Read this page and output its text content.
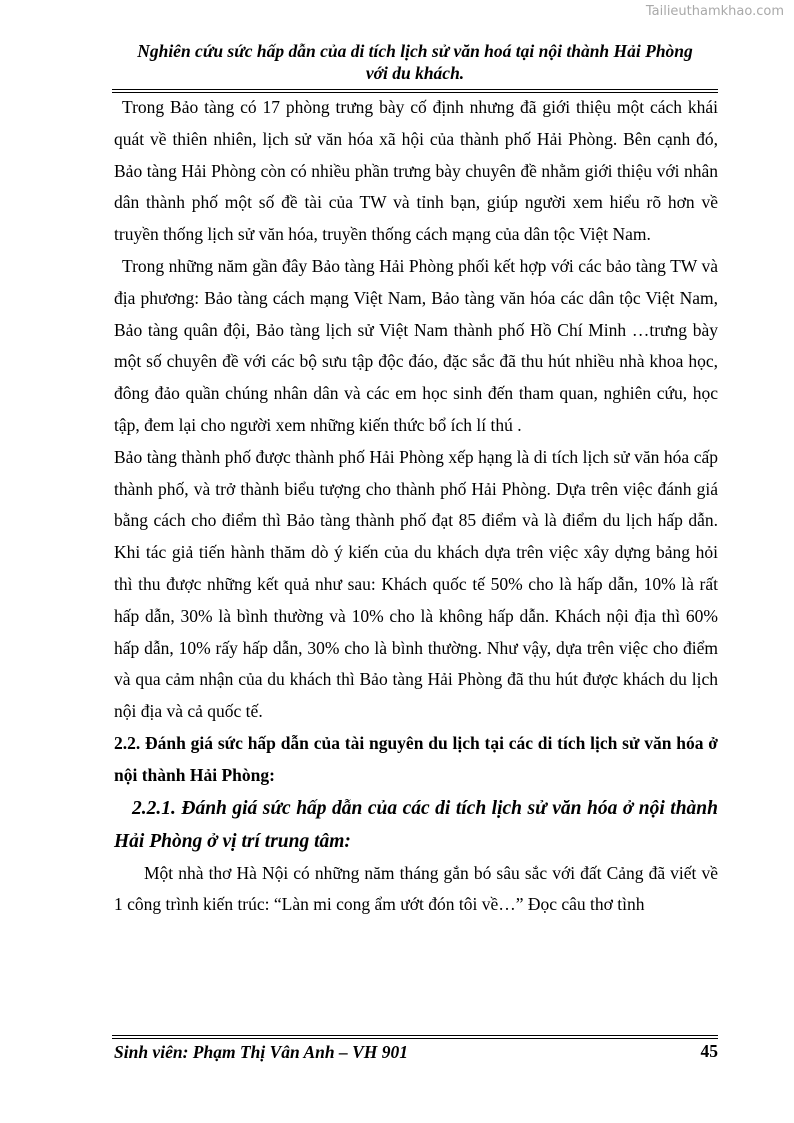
Tailieuthamkhao.com
Nghiên cứu sức hấp dẫn của di tích lịch sử văn hoá tại nội thành Hải Phòng
với du khách.

Trong Bảo tàng có 17 phòng trưng bày cố định nhưng đã giới thiệu một cách khái quát về thiên nhiên, lịch sử văn hóa xã hội của thành phố Hải Phòng. Bên cạnh đó, Bảo tàng Hải Phòng còn có nhiều phần trưng bày chuyên đề nhằm giới thiệu với nhân dân thành phố một số đề tài của TW và tỉnh bạn, giúp người xem hiểu rõ hơn về truyền thống lịch sử văn hóa, truyền thống cách mạng của dân tộc Việt Nam.

Trong những năm gần đây Bảo tàng Hải Phòng phối kết hợp với các bảo tàng TW và địa phương: Bảo tàng cách mạng Việt Nam, Bảo tàng văn hóa các dân tộc Việt Nam, Bảo tàng quân đội, Bảo tàng lịch sử Việt Nam thành phố Hồ Chí Minh …trưng bày một số chuyên đề với các bộ sưu tập độc đáo, đặc sắc đã thu hút nhiều nhà khoa học, đông đảo quần chúng nhân dân và các em học sinh đến tham quan, nghiên cứu, học tập, đem lại cho người xem những kiến thức bổ ích lí thú .

Bảo tàng thành phố được thành phố Hải Phòng xếp hạng là di tích lịch sử văn hóa cấp thành phố, và trở thành biểu tượng cho thành phố Hải Phòng. Dựa trên việc đánh giá bằng cách cho điểm thì Bảo tàng thành phố đạt 85 điểm và là điểm du lịch hấp dẫn. Khi tác giả tiến hành thăm dò ý kiến của du khách dựa trên việc xây dựng bảng hỏi thì thu được những kết quả như sau: Khách quốc tế 50% cho là hấp dẫn, 10% là rất hấp dẫn, 30% là bình thường và 10% cho là không hấp dẫn. Khách nội địa thì 60% hấp dẫn, 10% rấy hấp dẫn, 30% cho là bình thường. Như vậy, dựa trên việc cho điểm và qua cảm nhận của du khách thì Bảo tàng Hải Phòng đã thu hút được khách du lịch nội địa và cả quốc tế.

2.2. Đánh giá sức hấp dẫn của tài nguyên du lịch tại các di tích lịch sử văn hóa ở nội thành Hải Phòng:

2.2.1. Đánh giá sức hấp dẫn của các di tích lịch sử văn hóa ở nội thành Hải Phòng ở vị trí trung tâm:

Một nhà thơ Hà Nội có những năm tháng gắn bó sâu sắc với đất Cảng đã viết về 1 công trình kiến trúc: “Làn mi cong ẩm ướt đón tôi về…” Đọc câu thơ tình

Sinh viên: Phạm Thị Vân Anh – VH 901	45
